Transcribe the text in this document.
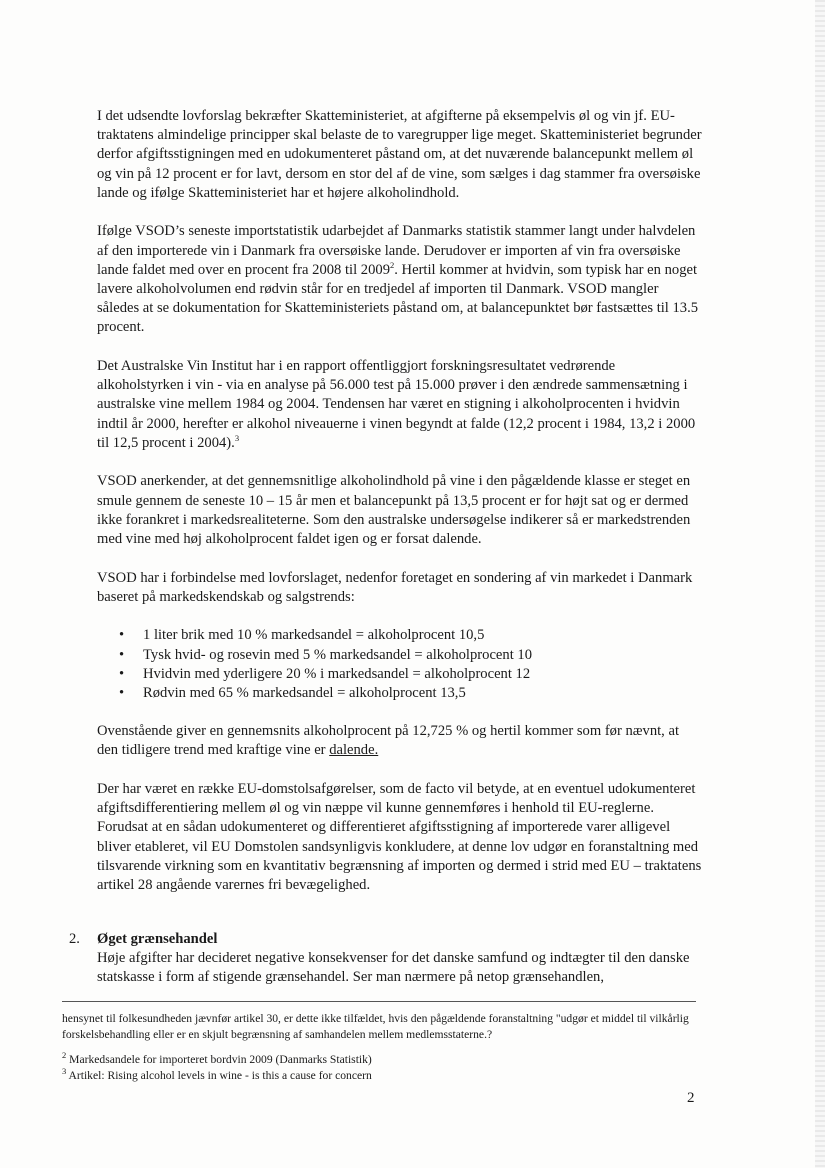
I det udsendte lovforslag bekræfter Skatteministeriet, at afgifterne på eksempelvis øl og vin jf. EU-traktatens almindelige principper skal belaste de to varegrupper lige meget. Skatteministeriet begrunder derfor afgiftsstigningen med en udokumenteret påstand om, at det nuværende balancepunkt mellem øl og vin på 12 procent er for lavt, dersom en stor del af de vine, som sælges i dag stammer fra oversøiske lande og ifølge Skatteministeriet har et højere alkoholindhold.

Ifølge VSOD’s seneste importstatistik udarbejdet af Danmarks statistik stammer langt under halvdelen af den importerede vin i Danmark fra oversøiske lande. Derudover er importen af vin fra oversøiske lande faldet med over en procent fra 2008 til 2009$^2$. Hertil kommer at hvidvin, som typisk har en noget lavere alkoholvolumen end rødvin står for en tredjedel af importen til Danmark. VSOD mangler således at se dokumentation for Skatteministeriets påstand om, at balancepunktet bør fastsættes til 13.5 procent.

Det Australske Vin Institut har i en rapport offentliggjort forskningsresultatet vedrørende alkoholstyrken i vin - via en analyse på 56.000 test på 15.000 prøver i den ændrede sammensætning i australske vine mellem 1984 og 2004. Tendensen har været en stigning i alkoholprocenten i hvidvin indtil år 2000, herefter er alkohol niveauerne i vinen begyndt at falde (12,2 procent i 1984, 13,2 i 2000 til 12,5 procent i 2004).$^3$

VSOD anerkender, at det gennemsnitlige alkoholindhold på vine i den pågældende klasse er steget en smule gennem de seneste 10 – 15 år men et balancepunkt på 13,5 procent er for højt sat og er dermed ikke forankret i markedsrealiteterne. Som den australske undersøgelse indikerer så er markedstrenden med vine med høj alkoholprocent faldet igen og er forsat dalende.

VSOD har i forbindelse med lovforslaget, nedenfor foretaget en sondering af vin markedet i Danmark baseret på markedskendskab og salgstrends:

• 1 liter brik med 10 % markedsandel = alkoholprocent 10,5
• Tysk hvid- og rosevin med 5 % markedsandel = alkoholprocent 10
• Hvidvin med yderligere 20 % i markedsandel = alkoholprocent 12
• Rødvin med 65 % markedsandel = alkoholprocent 13,5

Ovenstående giver en gennemsnits alkoholprocent på 12,725 % og hertil kommer som før nævnt, at den tidligere trend med kraftige vine er dalende.

Der har været en række EU-domstolsafgørelser, som de facto vil betyde, at en eventuel udokumenteret afgiftsdifferentiering mellem øl og vin næppe vil kunne gennemføres i henhold til EU-reglerne. Forudsat at en sådan udokumenteret og differentieret afgiftsstigning af importerede varer alligevel bliver etableret, vil EU Domstolen sandsynligvis konkludere, at denne lov udgør en foranstaltning med tilsvarende virkning som en kvantitativ begrænsning af importen og dermed i strid med EU – traktatens artikel 28 angående varernes fri bevægelighed.

2. Øget grænsehandel
Høje afgifter har decideret negative konsekvenser for det danske samfund og indtægter til den danske statskasse i form af stigende grænsehandel. Ser man nærmere på netop grænsehandlen,

hensynet til folkesundheden jævnfør artikel 30, er dette ikke tilfældet, hvis den pågældende foranstaltning "udgør et middel til vilkårlig forskelsbehandling eller er en skjult begrænsning af samhandelen mellem medlemsstaterne.?

$^2$ Markedsandele for importeret bordvin 2009 (Danmarks Statistik)

$^3$ Artikel: Rising alcohol levels in wine - is this a cause for concern

2
